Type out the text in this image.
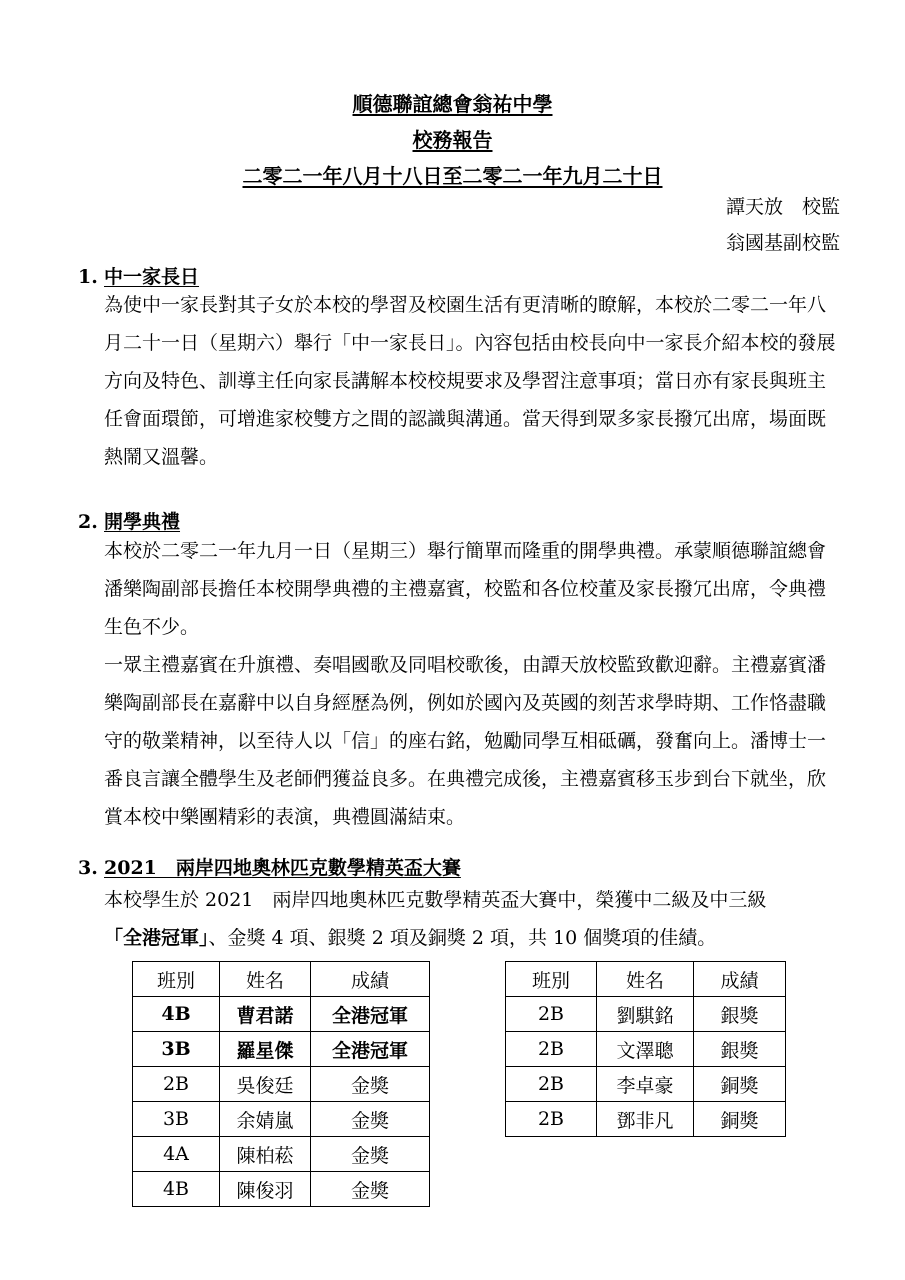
順德聯誼總會翁祐中學
校務報告
二零二一年八月十八日至二零二一年九月二十日
譚天放　校監
翁國基副校監
1. 中一家長日

為使中一家長對其子女於本校的學習及校園生活有更清晰的瞭解，本校於二零二一年八月二十一日（星期六）舉行「中一家長日」。內容包括由校長向中一家長介紹本校的發展方向及特色、訓導主任向家長講解本校校規要求及學習注意事項；當日亦有家長與班主任會面環節，可增進家校雙方之間的認識與溝通。當天得到眾多家長撥冗出席，場面既熱鬧又溫馨。

2. 開學典禮

本校於二零二一年九月一日（星期三）舉行簡單而隆重的開學典禮。承蒙順德聯誼總會潘樂陶副部長擔任本校開學典禮的主禮嘉賓，校監和各位校董及家長撥冗出席，令典禮生色不少。

一眾主禮嘉賓在升旗禮、奏唱國歌及同唱校歌後，由譚天放校監致歡迎辭。主禮嘉賓潘樂陶副部長在嘉辭中以自身經歷為例，例如於國內及英國的刻苦求學時期、工作恪盡職守的敬業精神，以至待人以「信」的座右銘，勉勵同學互相砥礪，發奮向上。潘博士一番良言讓全體學生及老師們獲益良多。在典禮完成後，主禮嘉賓移玉步到台下就坐，欣賞本校中樂團精彩的表演，典禮圓滿結束。

3. 2021　兩岸四地奧林匹克數學精英盃大賽

本校學生於 2021　兩岸四地奧林匹克數學精英盃大賽中，榮獲中二級及中三級

「全港冠軍」、金獎 4 項、銀獎 2 項及銅獎 2 項，共 10 個獎項的佳績。

班別	姓名	成績
4B	曹君諾	全港冠軍
3B	羅星傑	全港冠軍
2B	吳俊廷	金獎
3B	余婧嵐	金獎
4A	陳柏菘	金獎
4B	陳俊羽	金獎
班別	姓名	成績
2B	劉騏銘	銀獎
2B	文澤聰	銀獎
2B	李卓豪	銅獎
2B	鄧非凡	銅獎
